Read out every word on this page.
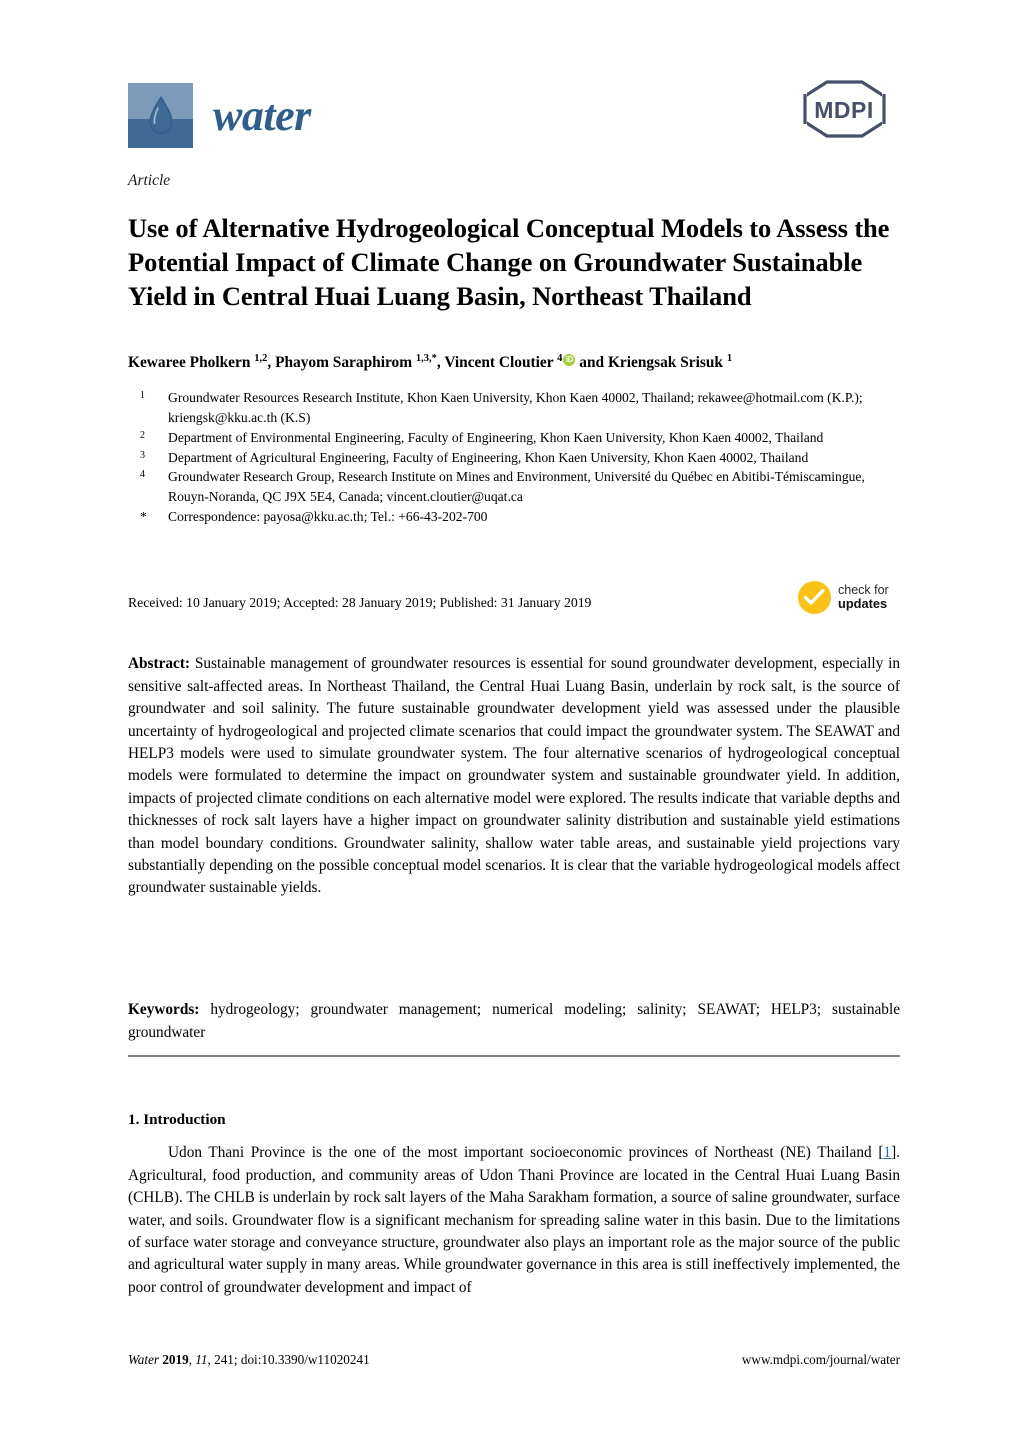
water	MDPI
Article
Use of Alternative Hydrogeological Conceptual Models to Assess the Potential Impact of Climate Change on Groundwater Sustainable Yield in Central Huai Luang Basin, Northeast Thailand
Kewaree Pholkern $^{1,2}$, Phayom Saraphirom $^{1,3,*}$, Vincent Cloutier $^4$ iD and Kriengsak Srisuk $^1$
1	Groundwater Resources Research Institute, Khon Kaen University, Khon Kaen 40002, Thailand; rekawee@hotmail.com (K.P.); kriengsk@kku.ac.th (K.S)
2	Department of Environmental Engineering, Faculty of Engineering, Khon Kaen University, Khon Kaen 40002, Thailand
3	Department of Agricultural Engineering, Faculty of Engineering, Khon Kaen University, Khon Kaen 40002, Thailand
4	Groundwater Research Group, Research Institute on Mines and Environment, Université du Québec en Abitibi-Témiscamingue, Rouyn-Noranda, QC J9X 5E4, Canada; vincent.cloutier@uqat.ca
*	Correspondence: payosa@kku.ac.th; Tel.: +66-43-202-700
Received: 10 January 2019; Accepted: 28 January 2019; Published: 31 January 2019
check for
updates

Abstract: Sustainable management of groundwater resources is essential for sound groundwater development, especially in sensitive salt-affected areas. In Northeast Thailand, the Central Huai Luang Basin, underlain by rock salt, is the source of groundwater and soil salinity. The future sustainable groundwater development yield was assessed under the plausible uncertainty of hydrogeological and projected climate scenarios that could impact the groundwater system. The SEAWAT and HELP3 models were used to simulate groundwater system. The four alternative scenarios of hydrogeological conceptual models were formulated to determine the impact on groundwater system and sustainable groundwater yield. In addition, impacts of projected climate conditions on each alternative model were explored. The results indicate that variable depths and thicknesses of rock salt layers have a higher impact on groundwater salinity distribution and sustainable yield estimations than model boundary conditions. Groundwater salinity, shallow water table areas, and sustainable yield projections vary substantially depending on the possible conceptual model scenarios. It is clear that the variable hydrogeological models affect groundwater sustainable yields.

Keywords: hydrogeology; groundwater management; numerical modeling; salinity; SEAWAT; HELP3; sustainable groundwater

1. Introduction

Udon Thani Province is the one of the most important socioeconomic provinces of Northeast (NE) Thailand [1]. Agricultural, food production, and community areas of Udon Thani Province are located in the Central Huai Luang Basin (CHLB). The CHLB is underlain by rock salt layers of the Maha Sarakham formation, a source of saline groundwater, surface water, and soils. Groundwater flow is a significant mechanism for spreading saline water in this basin. Due to the limitations of surface water storage and conveyance structure, groundwater also plays an important role as the major source of the public and agricultural water supply in many areas. While groundwater governance in this area is still ineffectively implemented, the poor control of groundwater development and impact of

Water 2019, 11, 241; doi:10.3390/w11020241	www.mdpi.com/journal/water
